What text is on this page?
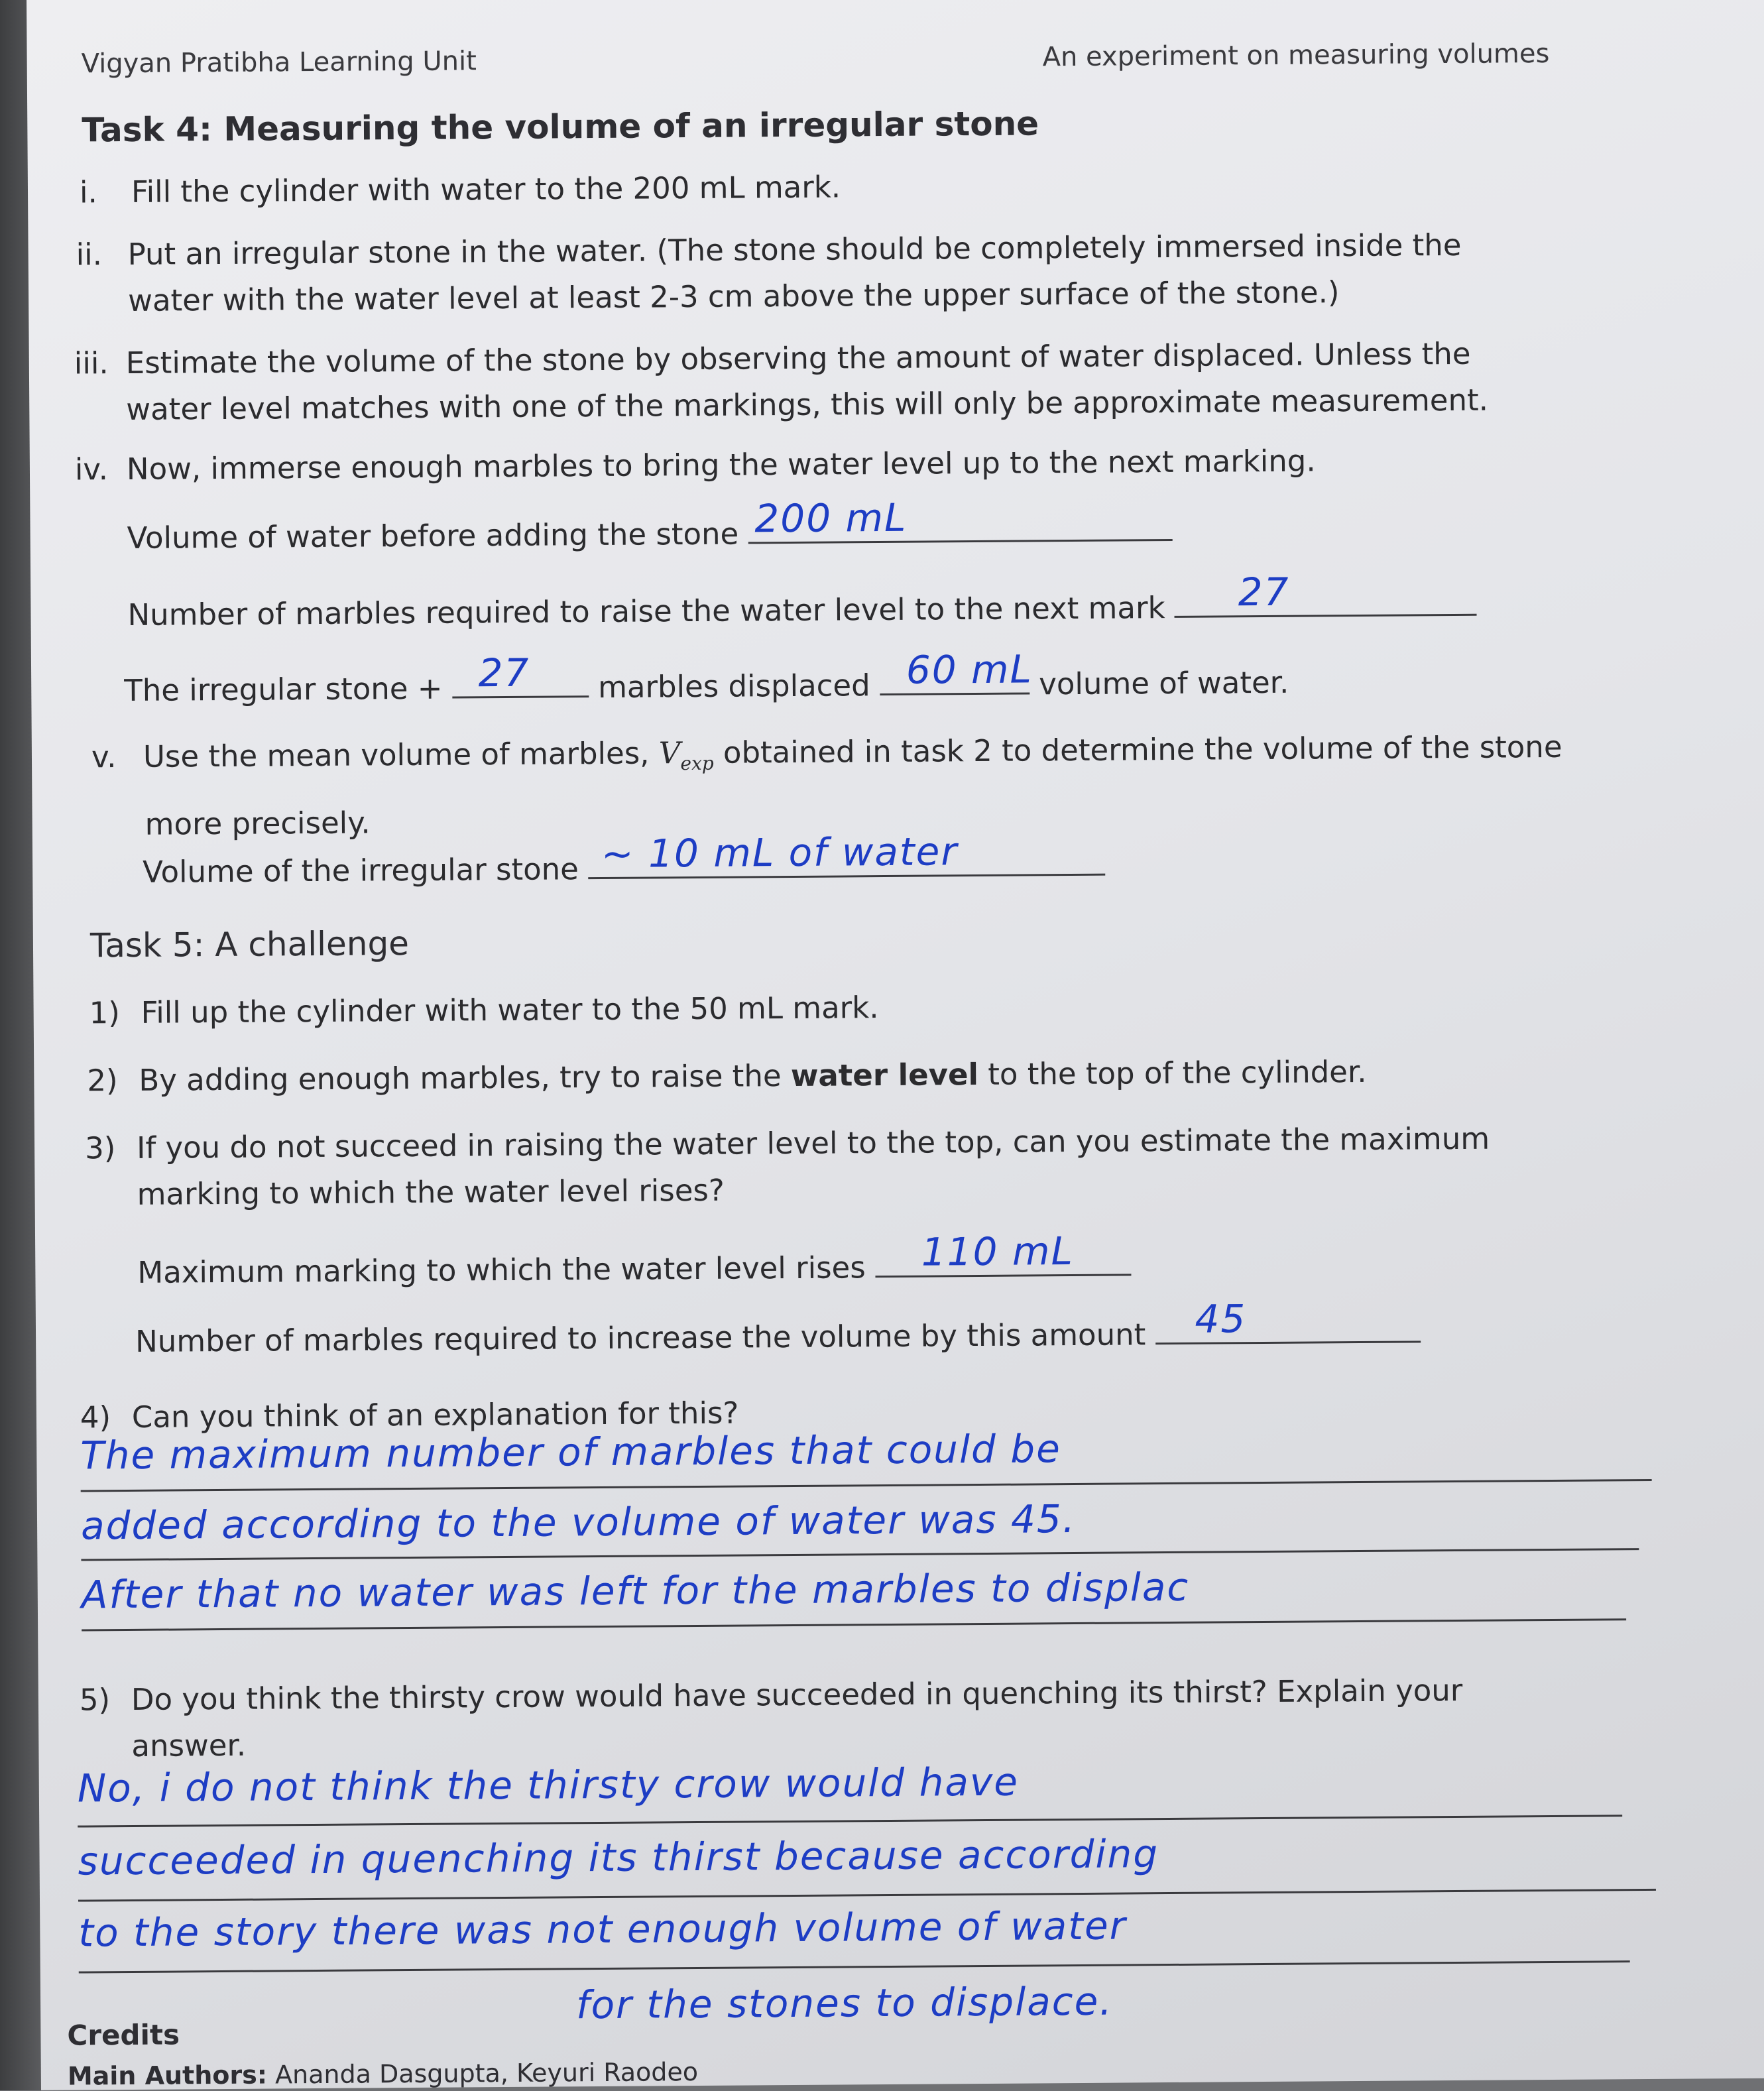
Vigyan Pratibha Learning Unit	An experiment on measuring volumes
Task 4: Measuring the volume of an irregular stone
i. Fill the cylinder with water to the 200 mL mark.
ii. Put an irregular stone in the water. (The stone should be completely immersed inside the
water with the water level at least 2-3 cm above the upper surface of the stone.)
iii. Estimate the volume of the stone by observing the amount of water displaced. Unless the
water level matches with one of the markings, this will only be approximate measurement.
iv. Now, immerse enough marbles to bring the water level up to the next marking.
Volume of water before adding the stone 200 mL
Number of marbles required to raise the water level to the next mark 27
The irregular stone + 27 marbles displaced 60 mL volume of water.
v. Use the mean volume of marbles, $V_{exp}$ obtained in task 2 to determine the volume of the stone
more precisely.
Volume of the irregular stone ~ 10 mL of water
Task 5: A challenge
1) Fill up the cylinder with water to the 50 mL mark.
2) By adding enough marbles, try to raise the water level to the top of the cylinder.
3) If you do not succeed in raising the water level to the top, can you estimate the maximum
marking to which the water level rises?
Maximum marking to which the water level rises 110 mL
Number of marbles required to increase the volume by this amount 45
4) Can you think of an explanation for this?
The maximum number of marbles that could be
added according to the volume of water was 45.
After that no water was left for the marbles to displac
5) Do you think the thirsty crow would have succeeded in quenching its thirst? Explain your
answer.
No, i do not think the thirsty crow would have
succeeded in quenching its thirst because according
to the story there was not enough volume of water
for the stones to displace.
Credits
Main Authors: Ananda Dasgupta, Keyuri Raodeo
